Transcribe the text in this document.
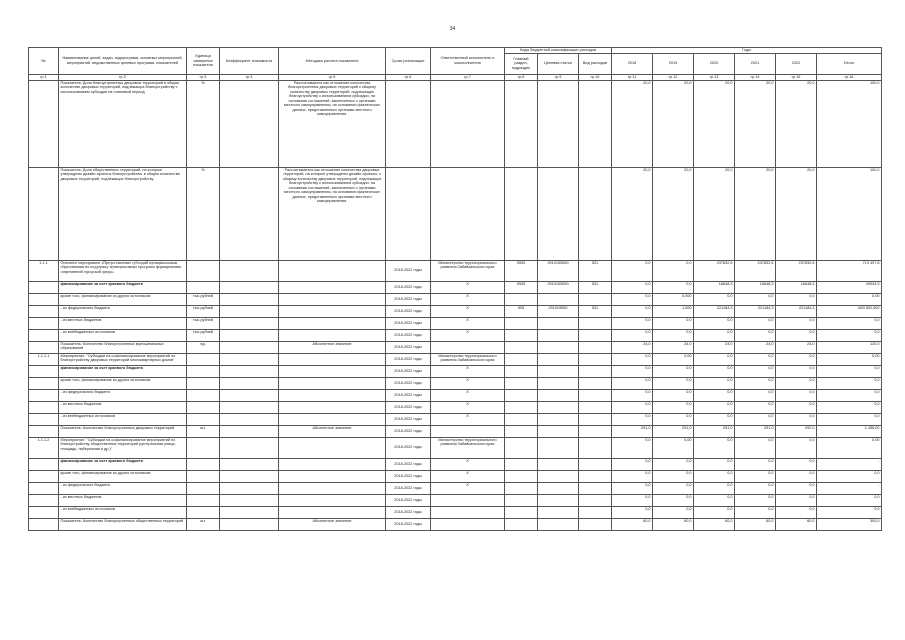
34
№	Наименование целей, задач, подпрограмм, основных мероприятий, мероприятий, ведомственных целевых программ, показателей	Единица измерения показателя	Коэффициент значимости	Методика расчета показателя	Сроки реализации	Ответственный исполнитель и соисполнители	Коды бюджетной классификации расходов			Годы					
							Главный раздел, подраздел	Целевая статья	Вид расходов	2018	2019	2020	2021	2022	Итого
гр.1	гр.2	гр.3	гр.4	гр.5	гр.6	гр.7	гр.8	гр.9	гр.10	гр.11	гр.12	гр.13	гр.14	гр.15	гр.16
	Показатель: Доля благоустроенных дворовых территорий в общем количестве дворовых территорий, подлежащих благоустройству с использованием субсидии на плановый период	%		Рассчитывается как отношение количества благоустроенных дворовых территорий к общему количеству дворовых территорий, подлежащих благоустройству с использованием субсидии, на основании соглашений, заключенных с органами местного самоуправления, на основании фактических данных, представленных органами местного самоуправления.						20,0	20,0	20,0	20,0	20,0	100,0
	Показатель: Доля общественных территорий, на которые утверждены дизайн-проекты благоустройства, в общем количестве дворовых территорий, подлежащих благоустройству	%		Рассчитывается как отношение количества дворовых территорий, на которые утверждены дизайн-проекты, к общему количеству дворовых территорий, подлежащих благоустройству с использованием субсидии, на основании соглашений, заключенных с органами местного самоуправления, на основании фактических данных, представленных органами местного самоуправления.						20,0	20,0	20,0	20,0	20,0	100,0
1.1.1	Основное мероприятие «Предоставление субсидий муниципальным образованиям на поддержку муниципальных программ формирования современной городской среды»				2018-2022 годы	Министерство территориального развития Забайкальского края	0505	2910155550	521	0,0	0,0	237832,6	237832,6	237832,6	713 497,8
	финансирование за счет краевого бюджета				2018-2022 годы	Х	0505	2910155550	521	0,0	0,0	16648,3	16648,3	16648,3	49944,9
	кроме того, финансирование из других источников:	тыс.рублей			2018-2022 годы	Х				0,0	0,000	0,0	0,0	0,0	0,00
	- из федерального бюджета	тыс.рублей			2018-2022 годы	Х	505	291019550	521	0,0	1,000	221184,3	221184,3	221184,3	663 552,900
	- из местных бюджетов	тыс.рублей			2018-2022 годы	Х				0,0	0,0	0,0	0,0	0,0	0,0
	- из внебюджетных источников	тыс.рублей			2018-2022 годы	Х				0,0	0,0	0,0	0,0	0,0	0,0
	Показатель: Количество благоустроенных муниципальных образований	ед.		Абсолютное значение	2018-2022 годы					24,0	24,0	24,0	24,0	24,0	120,0
1.1.1.1	Мероприятие: "Субсидии на софинансирование мероприятий по благоустройству дворовых территорий многоквартирных домов"				2018-2022 годы	Министерство территориального развития Забайкальского края				0,0	0,00	0,0	0,0	0,0	0,00
	финансирование за счет краевого бюджета				2018-2022 годы	Х				0,0	0,0	0,0	0,0	0,0	0,0
	кроме того, финансирование из других источников:				2018-2022 годы	Х				0,0	0,0	0,0	0,0	0,0	0,0
	- из федерального бюджета				2018-2022 годы	Х				0,0	0,0	0,0	0,0	0,0	0,0
	- из местных бюджетов				2018-2022 годы	Х				0,0	0,0	0,0	0,0	0,0	0,0
	- из внебюджетных источников				2018-2022 годы	Х				0,0	0,0	0,0	0,0	0,0	0,0
	Показатель: Количество благоустроенных дворовых территорий	шт.		Абсолютное значение	2018-2022 годы					291,0	291,0	291,0	291,0	292,0	1 456,00
1.1.1.2	Мероприятие: "Субсидии на софинансирование мероприятий по благоустройству общественных территорий (центральная улица, площадь, набережная и др.)"				2018-2022 годы	Министерство территориального развития Забайкальского края				0,0	0,00	0,0	0,0	0,0	0,00
	финансирование за счет краевого бюджета				2018-2022 годы	Х				0,0	0,0	0,0	0,0	0,0	-
	кроме того, финансирование из других источников:				2018-2022 годы	Х				0,0	0,0	0,0	0,0	0,0	0,0
	- из федерального бюджета				2018-2022 годы	Х				0,0	0,0	0,0	0,0	0,0	-
	- из местных бюджетов				2018-2022 годы					0,0	0,0	0,0	0,0	0,0	0,0
	- из внебюджетных источников				2018-2022 годы					0,0	0,0	0,0	0,0	0,0	0,0
	Показатель: Количество благоустроенных общественных территорий	шт.		Абсолютное значение	2018-2022 годы					60,0	60,0	60,0	60,0	60,0	300,0
